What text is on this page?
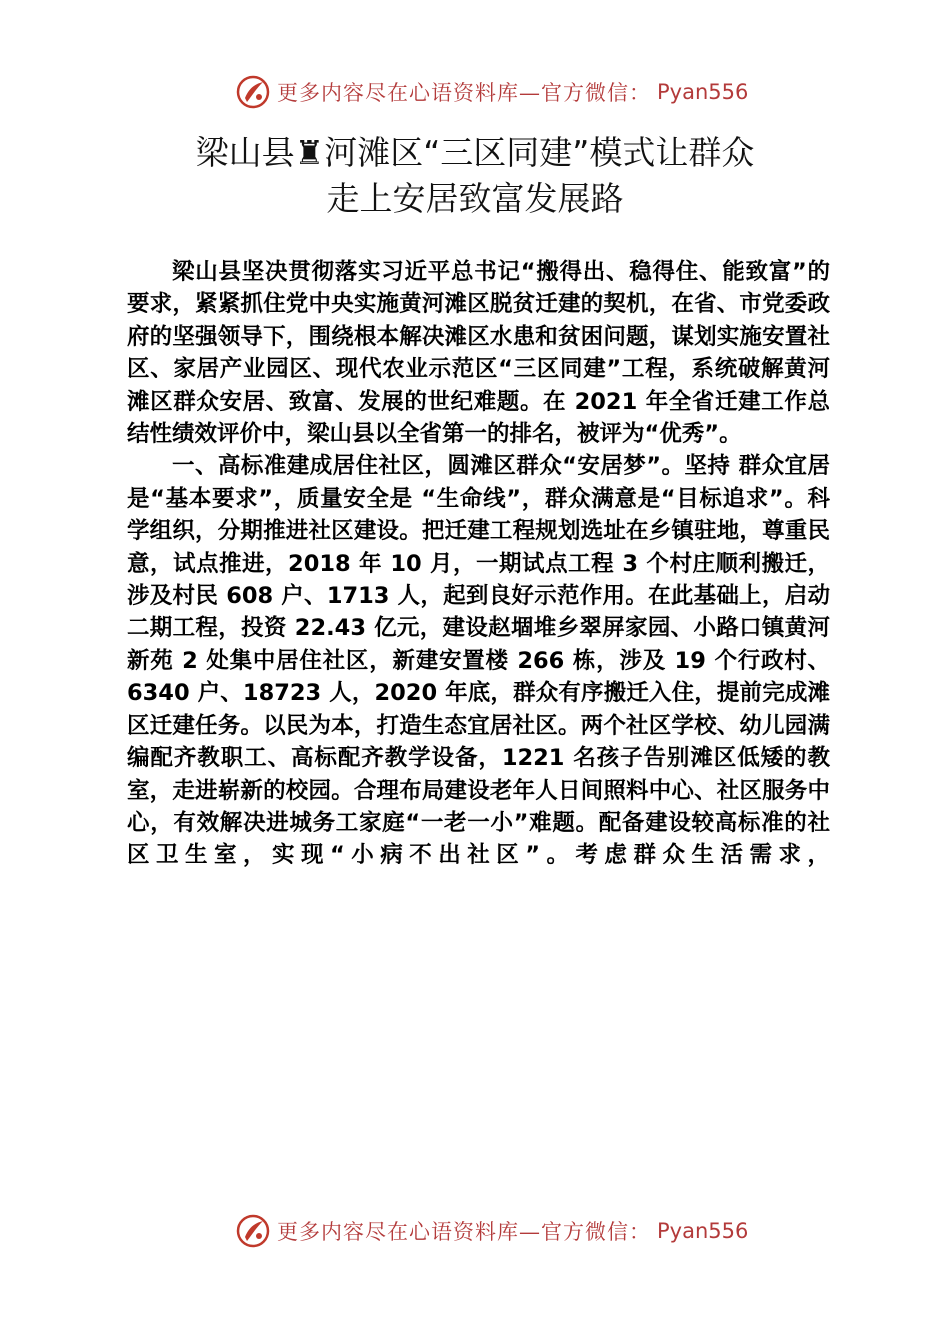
更多内容尽在心语资料库—官方微信： Pyan556
梁山县♜河滩区“三区同建”模式让群众
走上安居致富发展路

梁山县坚决贯彻落实习近平总书记“搬得出、稳得住、能致富”的要求，紧紧抓住党中央实施黄河滩区脱贫迁建的契机，在省、市党委政府的坚强领导下，围绕根本解决滩区水患和贫困问题，谋划实施安置社区、家居产业园区、现代农业示范区“三区同建”工程，系统破解黄河滩区群众安居、致富、发展的世纪难题。在 2021 年全省迁建工作总结性绩效评价中，梁山县以全省第一的排名，被评为“优秀”。

一、高标准建成居住社区，圆滩区群众“安居梦”。坚持 群众宜居是“基本要求”，质量安全是 “生命线”，群众满意是“目标追求”。科学组织，分期推进社区建设。把迁建工程规划选址在乡镇驻地，尊重民意，试点推进，2018 年 10 月，一期试点工程 3 个村庄顺利搬迁，涉及村民 608 户、1713 人，起到良好示范作用。在此基础上，启动二期工程，投资 22.43 亿元，建设赵堌堆乡翠屏家园、小路口镇黄河新苑 2 处集中居住社区，新建安置楼 266 栋，涉及 19 个行政村、6340 户、18723 人，2020 年底，群众有序搬迁入住，提前完成滩区迁建任务。以民为本，打造生态宜居社区。两个社区学校、幼儿园满编配齐教职工、高标配齐教学设备，1221 名孩子告别滩区低矮的教室，走进崭新的校园。合理布局建设老年人日间照料中心、社区服务中心，有效解决进城务工家庭“一老一小”难题。配备建设较高标准的社区卫生室，实现“小病不出社区”。考虑群众生活需求，

更多内容尽在心语资料库—官方微信： Pyan556
